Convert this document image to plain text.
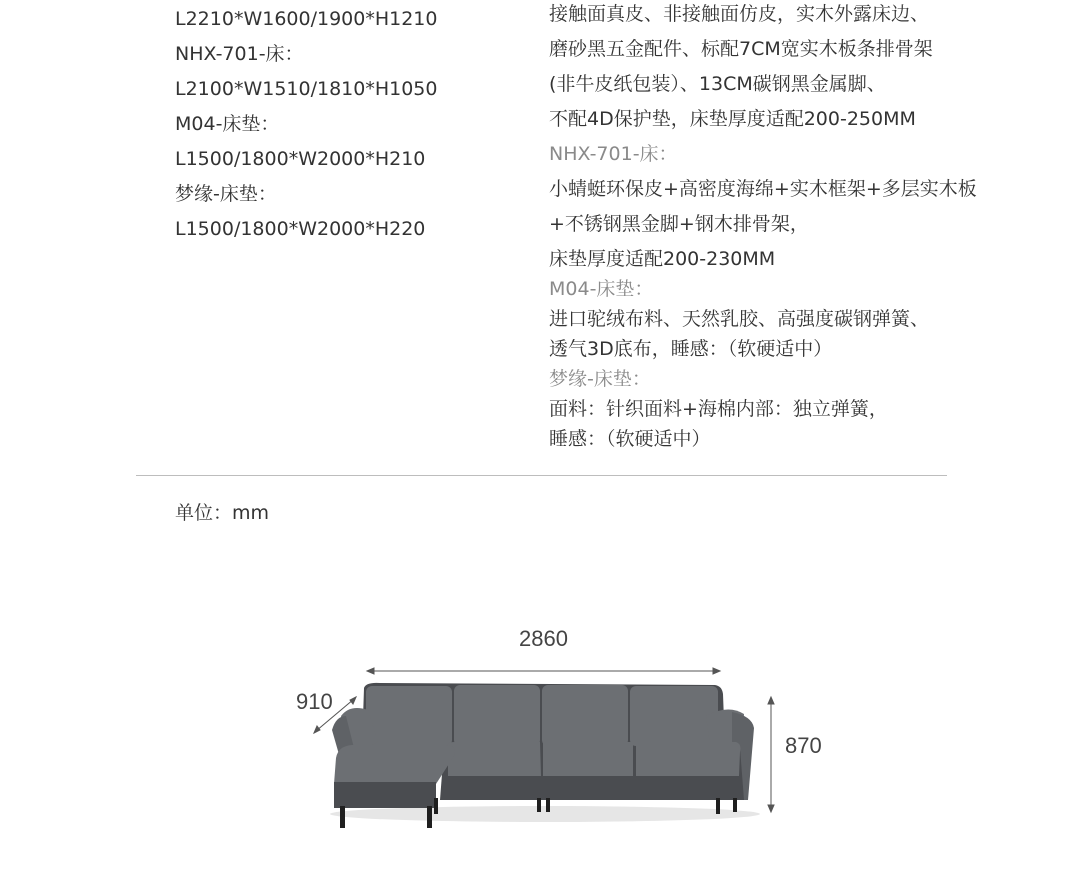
L2210*W1600/1900*H1210
NHX-701-床：
L2100*W1510/1810*H1050
M04-床垫：
L1500/1800*W2000*H210
梦缘-床垫：
L1500/1800*W2000*H220
接触面真皮、非接触面仿皮，实木外露床边、
磨砂黑五金配件、标配7CM宽实木板条排骨架
(非牛皮纸包装）、13CM碳钢黑金属脚、
不配4D保护垫，床垫厚度适配200-250MM
NHX-701-床：
小蜻蜓环保皮+高密度海绵+实木框架+多层实木板
+不锈钢黑金脚+钢木排骨架，
床垫厚度适配200-230MM
M04-床垫：
进口驼绒布料、天然乳胶、高强度碳钢弹簧、
透气3D底布，睡感：（软硬适中）
梦缘-床垫：
面料：针织面料+海棉内部：独立弹簧，
睡感：（软硬适中）
单位：mm
2860
910
870
